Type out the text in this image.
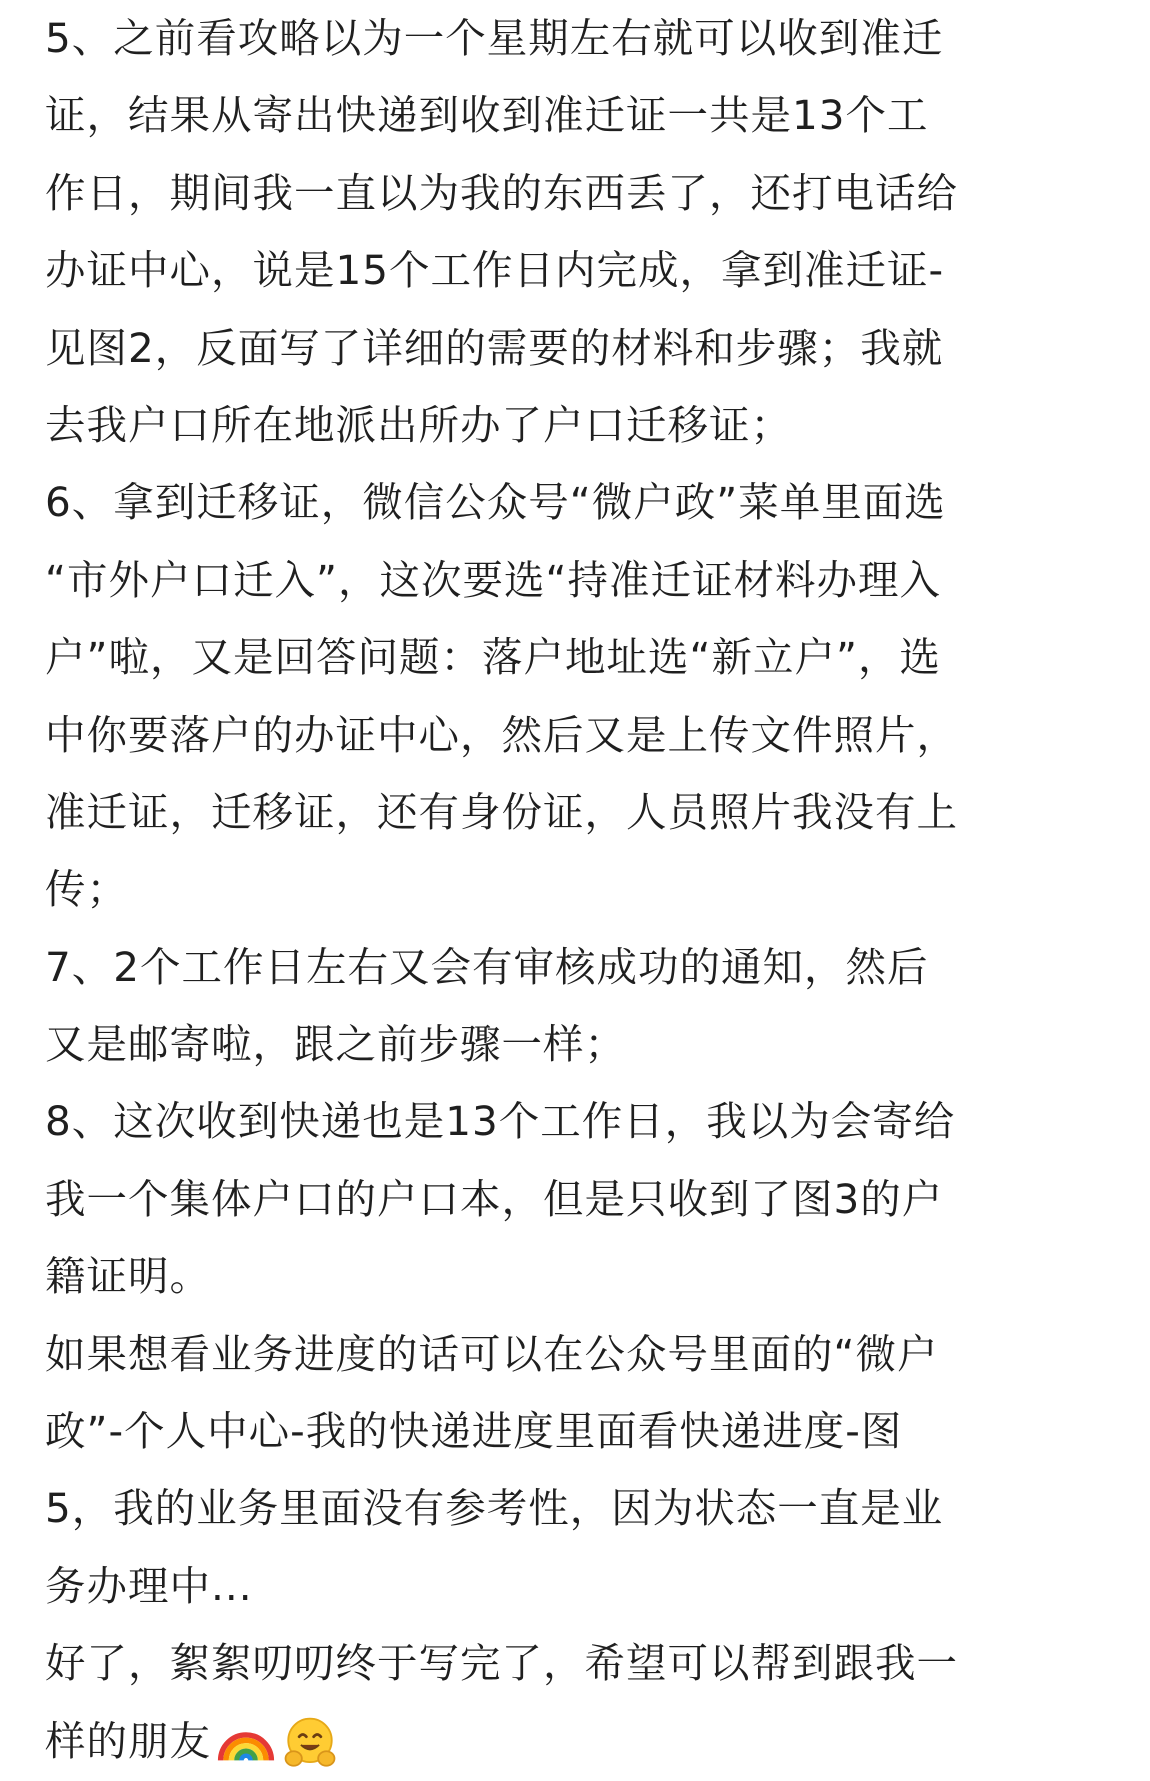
5、之前看攻略以为一个星期左右就可以收到准迁
证，结果从寄出快递到收到准迁证一共是13个工
作日，期间我一直以为我的东西丢了，还打电话给
办证中心，说是15个工作日内完成，拿到准迁证-
见图2，反面写了详细的需要的材料和步骤；我就
去我户口所在地派出所办了户口迁移证；
6、拿到迁移证，微信公众号“微户政”菜单里面选
“市外户口迁入”，这次要选“持准迁证材料办理入
户”啦，又是回答问题：落户地址选“新立户”，选
中你要落户的办证中心，然后又是上传文件照片，
准迁证，迁移证，还有身份证，人员照片我没有上
传；
7、2个工作日左右又会有审核成功的通知，然后
又是邮寄啦，跟之前步骤一样；
8、这次收到快递也是13个工作日，我以为会寄给
我一个集体户口的户口本，但是只收到了图3的户
籍证明。
如果想看业务进度的话可以在公众号里面的“微户
政”-个人中心-我的快递进度里面看快递进度-图
5，我的业务里面没有参考性，因为状态一直是业
务办理中...
好了，絮絮叨叨终于写完了，希望可以帮到跟我一
样的朋友
